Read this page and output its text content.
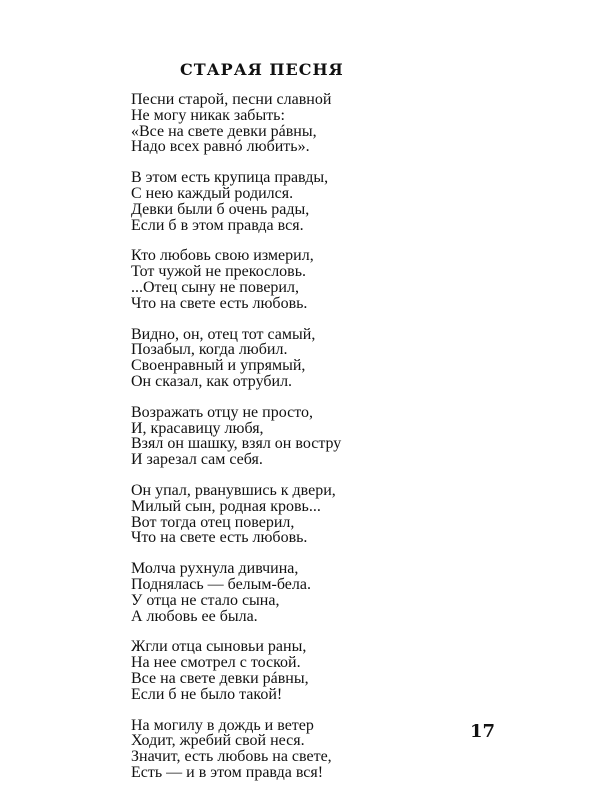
СТАРАЯ ПЕСНЯ
Песни старой, песни славной
Не могу никак забыть:
«Все на свете девки рáвны,
Надо всех равнó любить».
В этом есть крупица правды,
С нею каждый родился.
Девки были б очень рады,
Если б в этом правда вся.
Кто любовь свою измерил,
Тот чужой не прекословь.
...Отец сыну не поверил,
Что на свете есть любовь.
Видно, он, отец тот самый,
Позабыл, когда любил.
Своенравный и упрямый,
Он сказал, как отрубил.
Возражать отцу не просто,
И, красавицу любя,
Взял он шашку, взял он востру
И зарезал сам себя.
Он упал, рванувшись к двери,
Милый сын, родная кровь...
Вот тогда отец поверил,
Что на свете есть любовь.
Молча рухнула дивчина,
Поднялась — белым-бела.
У отца не стало сына,
А любовь ее была.
Жгли отца сыновьи раны,
На нее смотрел с тоской.
Все на свете девки рáвны,
Если б не было такой!
На могилу в дождь и ветер
Ходит, жребий свой неся.
Значит, есть любовь на свете,
Есть — и в этом правда вся!
17
